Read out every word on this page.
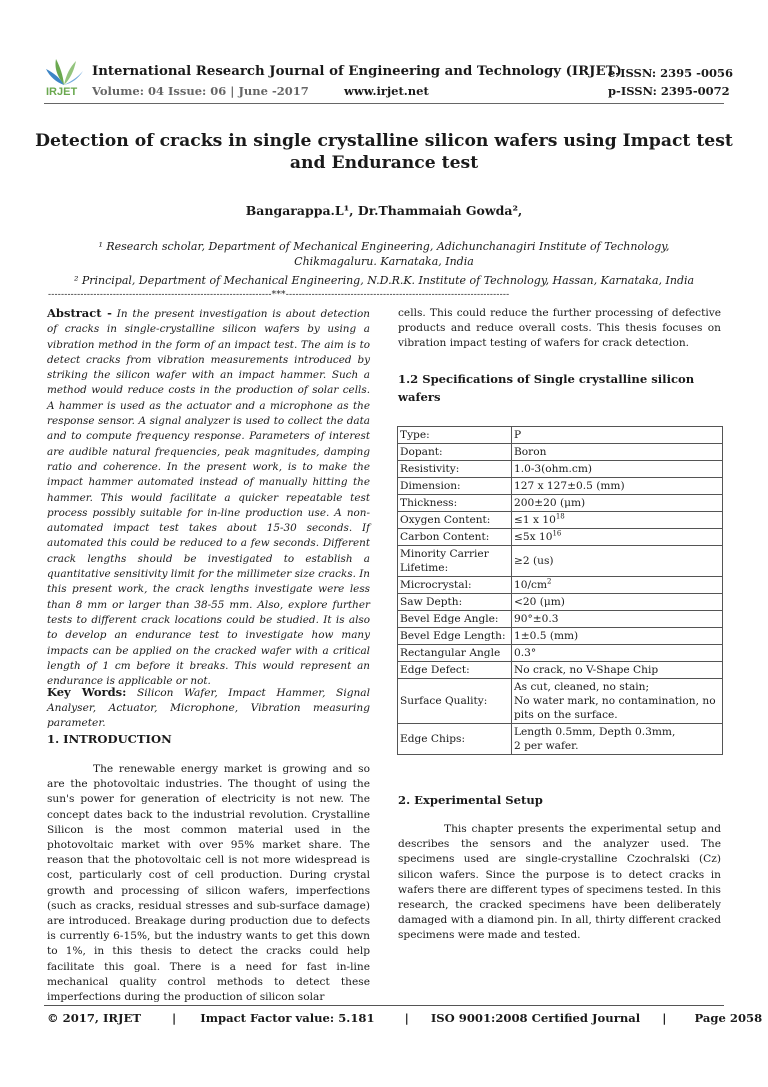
IRJET
International Research Journal of Engineering and Technology (IRJET)
e-ISSN: 2395 -0056
Volume: 04 Issue: 06 | June -2017	www.irjet.net	p-ISSN: 2395-0072
Detection of cracks in single crystalline silicon wafers using Impact test
and Endurance test
Bangarappa.L¹, Dr.Thammaiah Gowda²,
¹ Research scholar, Department of Mechanical Engineering, Adichunchanagiri Institute of Technology,
Chikmagaluru. Karnataka, India
² Principal, Department of Mechanical Engineering, N.D.R.K. Institute of Technology, Hassan, Karnataka, India
---------------------------------------------------------------------***---------------------------------------------------------------------
Abstract - In the present investigation is about detection of cracks in single-crystalline silicon wafers by using a vibration method in the form of an impact test. The aim is to detect cracks from vibration measurements introduced by striking the silicon wafer with an impact hammer. Such a method would reduce costs in the production of solar cells. A hammer is used as the actuator and a microphone as the response sensor. A signal analyzer is used to collect the data and to compute frequency response. Parameters of interest are audible natural frequencies, peak magnitudes, damping ratio and coherence. In the present work, is to make the impact hammer automated instead of manually hitting the hammer. This would facilitate a quicker repeatable test process possibly suitable for in-line production use. A non-automated impact test takes about 15-30 seconds. If automated this could be reduced to a few seconds. Different crack lengths should be investigated to establish a quantitative sensitivity limit for the millimeter size cracks. In this present work, the crack lengths investigate were less than 8 mm or larger than 38-55 mm. Also, explore further tests to different crack locations could be studied. It is also to develop an endurance test to investigate how many impacts can be applied on the cracked wafer with a critical length of 1 cm before it breaks. This would represent an endurance is applicable or not.
Key Words: Silicon Wafer, Impact Hammer, Signal Analyser, Actuator, Microphone, Vibration measuring parameter.
1. INTRODUCTION
The renewable energy market is growing and so are the photovoltaic industries. The thought of using the sun's power for generation of electricity is not new. The concept dates back to the industrial revolution. Crystalline Silicon is the most common material used in the photovoltaic market with over 95% market share. The reason that the photovoltaic cell is not more widespread is cost, particularly cost of cell production. During crystal growth and processing of silicon wafers, imperfections (such as cracks, residual stresses and sub-surface damage) are introduced. Breakage during production due to defects is currently 6-15%, but the industry wants to get this down to 1%, in this thesis to detect the cracks could help facilitate this goal. There is a need for fast in-line mechanical quality control methods to detect these imperfections during the production of silicon solar
cells. This could reduce the further processing of defective products and reduce overall costs. This thesis focuses on vibration impact testing of wafers for crack detection.
1.2 Specifications of Single crystalline silicon
wafers
Type:	P
Dopant:	Boron
Resistivity:	1.0-3(ohm.cm)
Dimension:	127 x 127±0.5 (mm)
Thickness:	200±20 (μm)
Oxygen Content:	≤1 x $10^{18}$
Carbon Content:	≤5x $10^{16}$
Minority Carrier Lifetime:	≥2 (us)
Microcrystal:	$10/cm^2$
Saw Depth:	<20 (μm)
Bevel Edge Angle:	90°±0.3
Bevel Edge Length:	1±0.5 (mm)
Rectangular Angle	0.3°
Edge Defect:	No crack, no V-Shape Chip
Surface Quality:	As cut, cleaned, no stain;
No water mark, no contamination, no pits on the surface.
Edge Chips:	Length 0.5mm, Depth 0.3mm,
2 per wafer.
2. Experimental Setup
This chapter presents the experimental setup and describes the sensors and the analyzer used. The specimens used are single-crystalline Czochralski (Cz) silicon wafers. Since the purpose is to detect cracks in wafers there are different types of specimens tested. In this research, the cracked specimens have been deliberately damaged with a diamond pin. In all, thirty different cracked specimens were made and tested.
© 2017, IRJET	| Impact Factor value: 5.181	| ISO 9001:2008 Certified Journal | Page 2058
